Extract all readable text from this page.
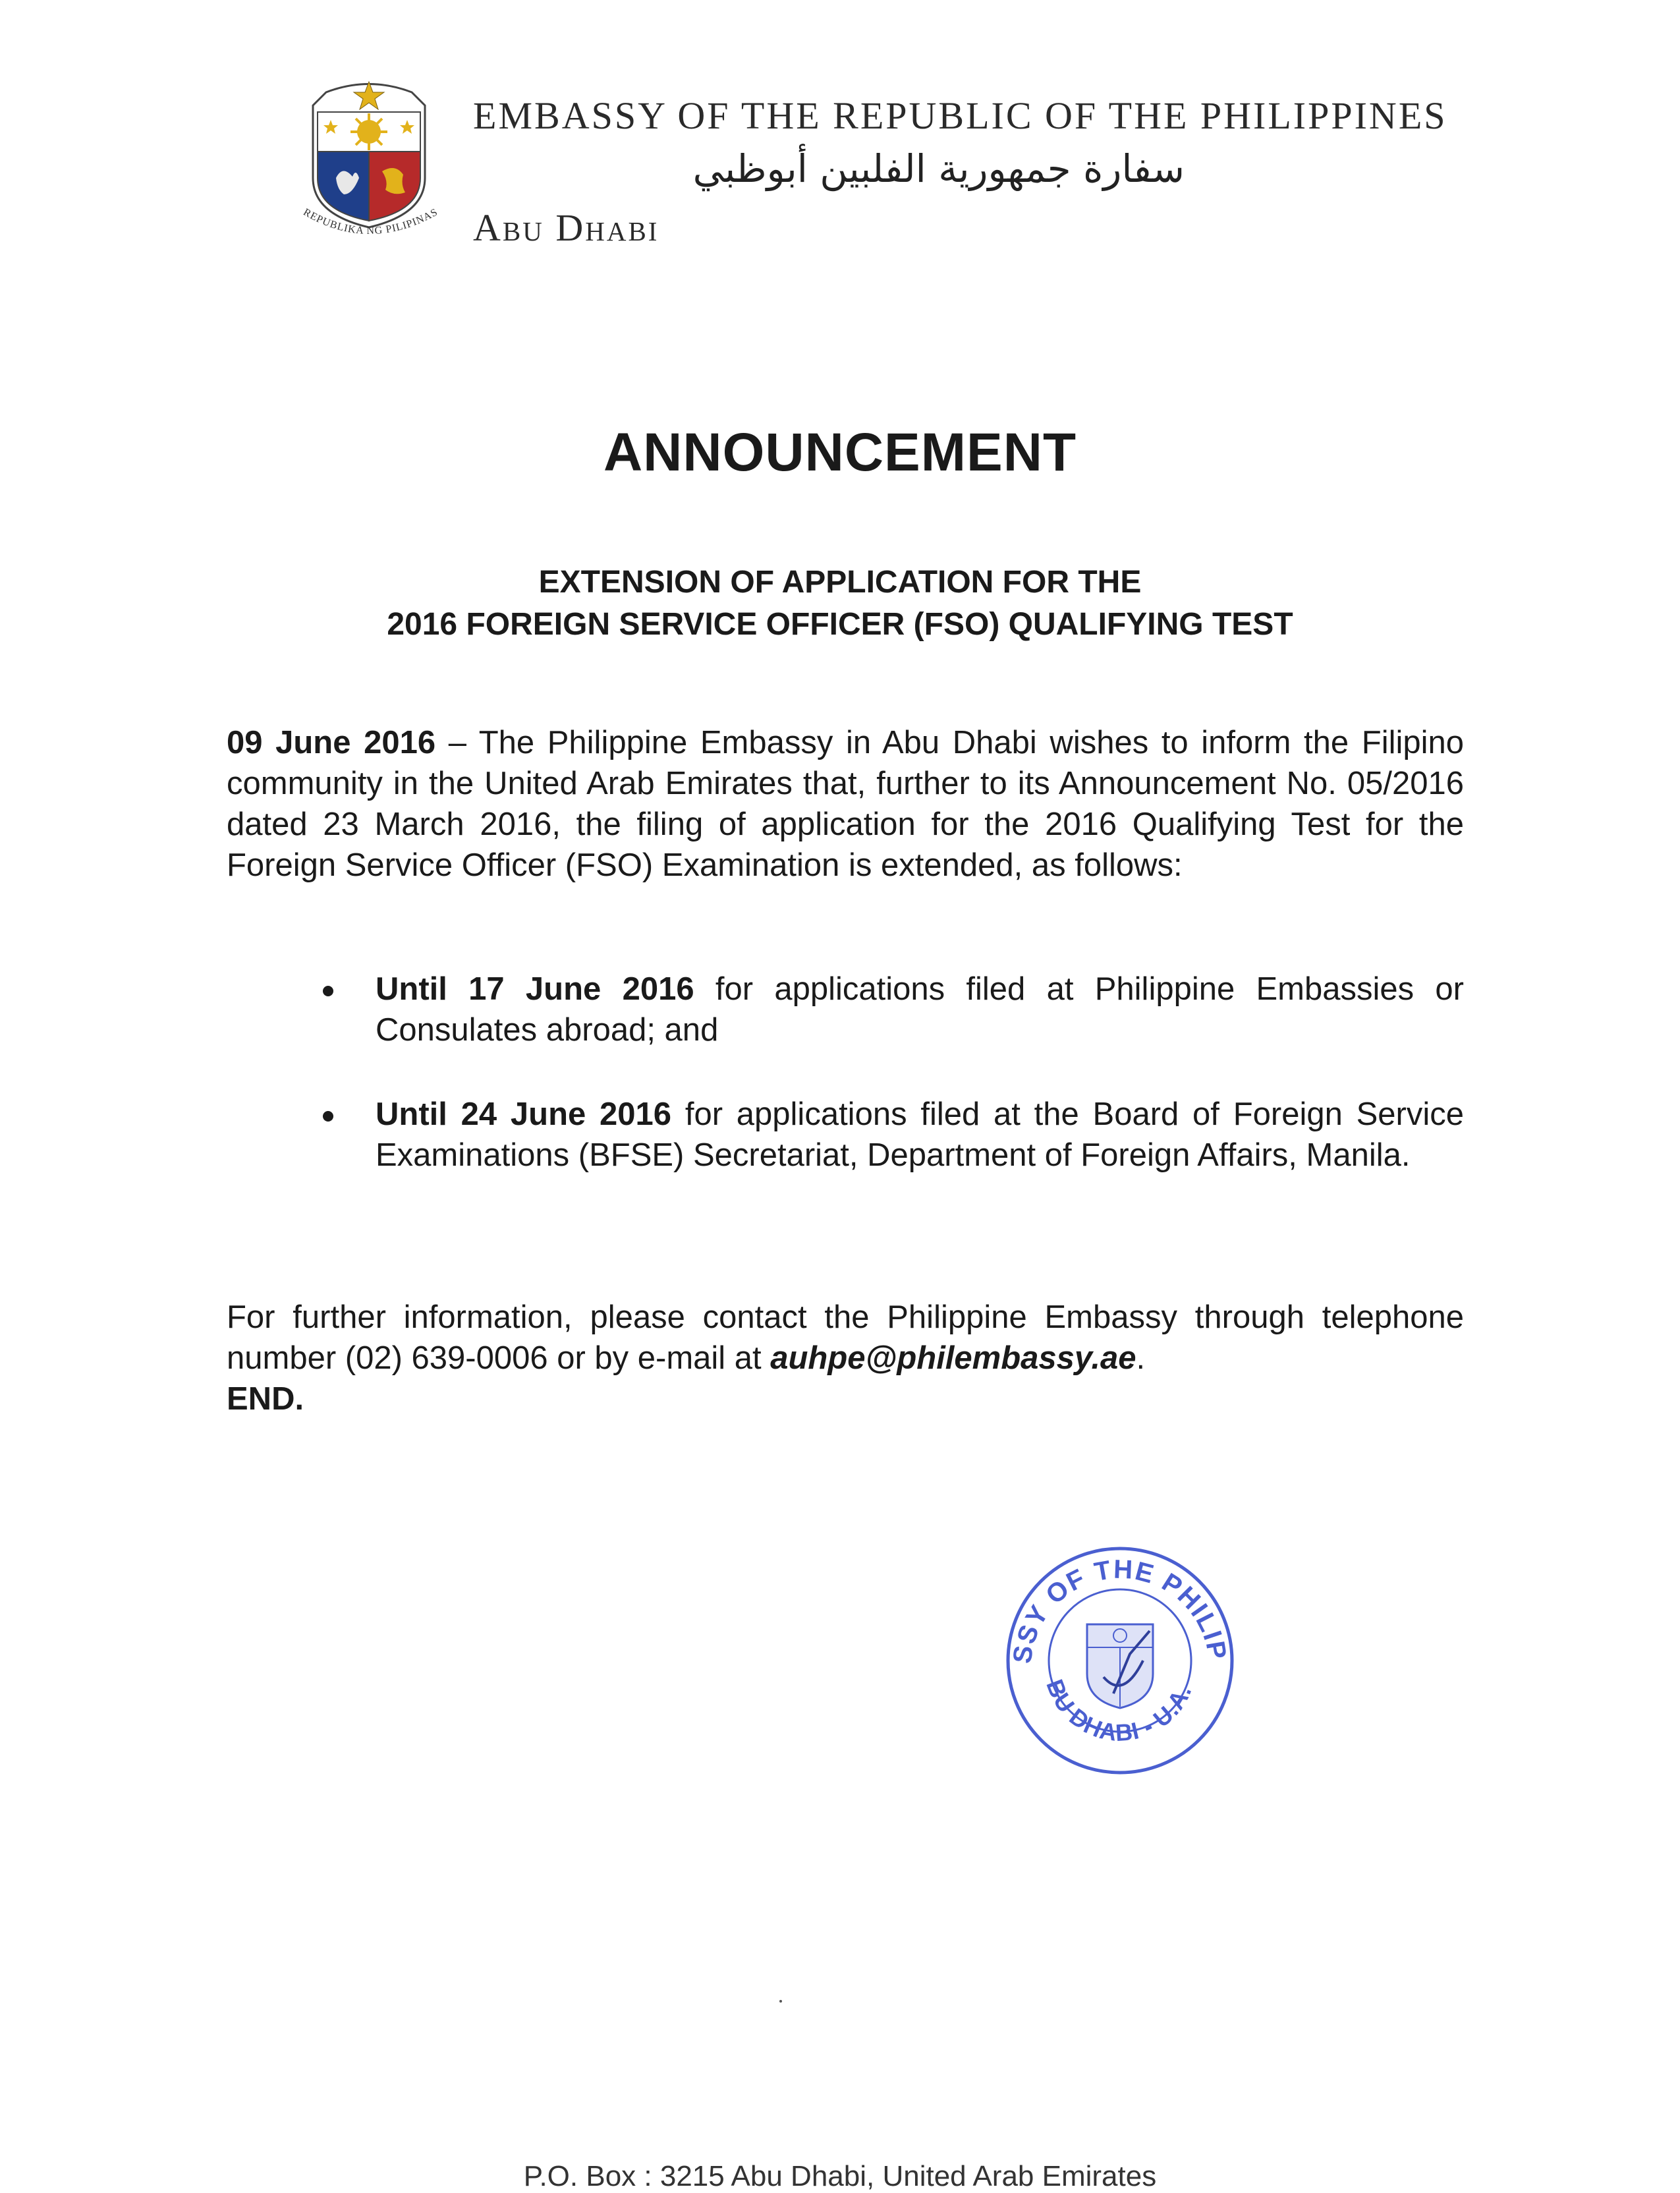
REPUBLIKA NG PILIPINAS
EMBASSY OF THE REPUBLIC OF THE PHILIPPINES
سفارة جمهورية الفلبين أبوظبي
Abu Dhabi
ANNOUNCEMENT
EXTENSION OF APPLICATION FOR THE
2016 FOREIGN SERVICE OFFICER (FSO) QUALIFYING TEST
09 June 2016 – The Philippine Embassy in Abu Dhabi wishes to inform the Filipino community in the United Arab Emirates that, further to its Announcement No. 05/2016 dated 23 March 2016, the filing of application for the 2016 Qualifying Test for the Foreign Service Officer (FSO) Examination is extended, as follows:
Until 17 June 2016 for applications filed at Philippine Embassies or Consulates abroad; and
Until 24 June 2016 for applications filed at the Board of Foreign Service Examinations (BFSE) Secretariat, Department of Foreign Affairs, Manila.
For further information, please contact the Philippine Embassy through telephone number (02) 639-0006 or by e-mail at auhpe@philembassy.ae.
END.
SSY OF THE PHILIP
BU DHABI - U.A.
P.O. Box : 3215 Abu Dhabi, United Arab Emirates
